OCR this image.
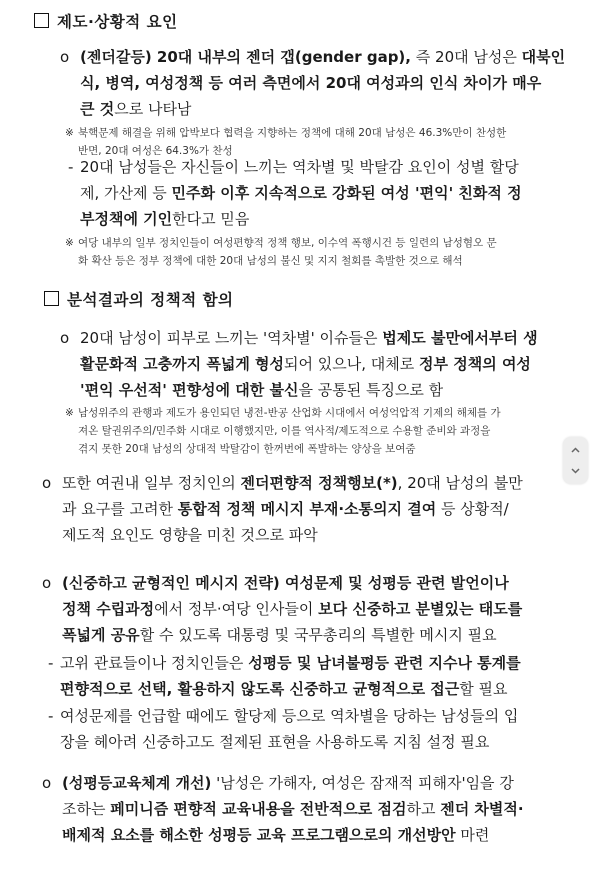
제도·상황적 요인
o (젠더갈등) 20대 내부의 젠더 갭(gender gap), 즉 20대 남성은 대북인
식, 병역, 여성정책 등 여러 측면에서 20대 여성과의 인식 차이가 매우
큰 것으로 나타남
※ 북핵문제 해결을 위해 압박보다 협력을 지향하는 정책에 대해 20대 남성은 46.3%만이 찬성한
반면, 20대 여성은 64.3%가 찬성
- 20대 남성들은 자신들이 느끼는 역차별 및 박탈감 요인이 성별 할당
제, 가산제 등 민주화 이후 지속적으로 강화된 여성 '편익' 친화적 정
부정책에 기인한다고 믿음
※ 여당 내부의 일부 정치인들이 여성편향적 정책 행보, 이수역 폭행시건 등 일련의 남성혐오 문
화 확산 등은 정부 정책에 대한 20대 남성의 불신 및 지지 철회를 촉발한 것으로 해석
분석결과의 정책적 함의
o 20대 남성이 피부로 느끼는 '역차별' 이슈들은 법제도 불만에서부터 생
활문화적 고충까지 폭넓게 형성되어 있으나, 대체로 정부 정책의 여성
'편익 우선적' 편향성에 대한 불신을 공통된 특징으로 함
※ 남성위주의 관행과 제도가 용인되던 냉전-반공 산업화 시대에서 여성억압적 기제의 해체를 가
져온 탈권위주의/민주화 시대로 이행했지만, 이를 역사적/제도적으로 수용할 준비와 과정을
겪지 못한 20대 남성의 상대적 박탈감이 한꺼번에 폭발하는 양상을 보여줌
o 또한 여권내 일부 정치인의 젠더편향적 정책행보(*), 20대 남성의 불만
과 요구를 고려한 통합적 정책 메시지 부재·소통의지 결여 등 상황적/
제도적 요인도 영향을 미친 것으로 파악
o (신중하고 균형적인 메시지 전략) 여성문제 및 성평등 관련 발언이나
정책 수립과정에서 정부·여당 인사들이 보다 신중하고 분별있는 태도를
폭넓게 공유할 수 있도록 대통령 및 국무총리의 특별한 메시지 필요
- 고위 관료들이나 정치인들은 성평등 및 남녀불평등 관련 지수나 통계를
편향적으로 선택, 활용하지 않도록 신중하고 균형적으로 접근할 필요
- 여성문제를 언급할 때에도 할당제 등으로 역차별을 당하는 남성들의 입
장을 헤아려 신중하고도 절제된 표현을 사용하도록 지침 설정 필요
o (성평등교육체계 개선) '남성은 가해자, 여성은 잠재적 피해자'임을 강
조하는 페미니즘 편향적 교육내용을 전반적으로 점검하고 젠더 차별적·
배제적 요소를 해소한 성평등 교육 프로그램으로의 개선방안 마련
